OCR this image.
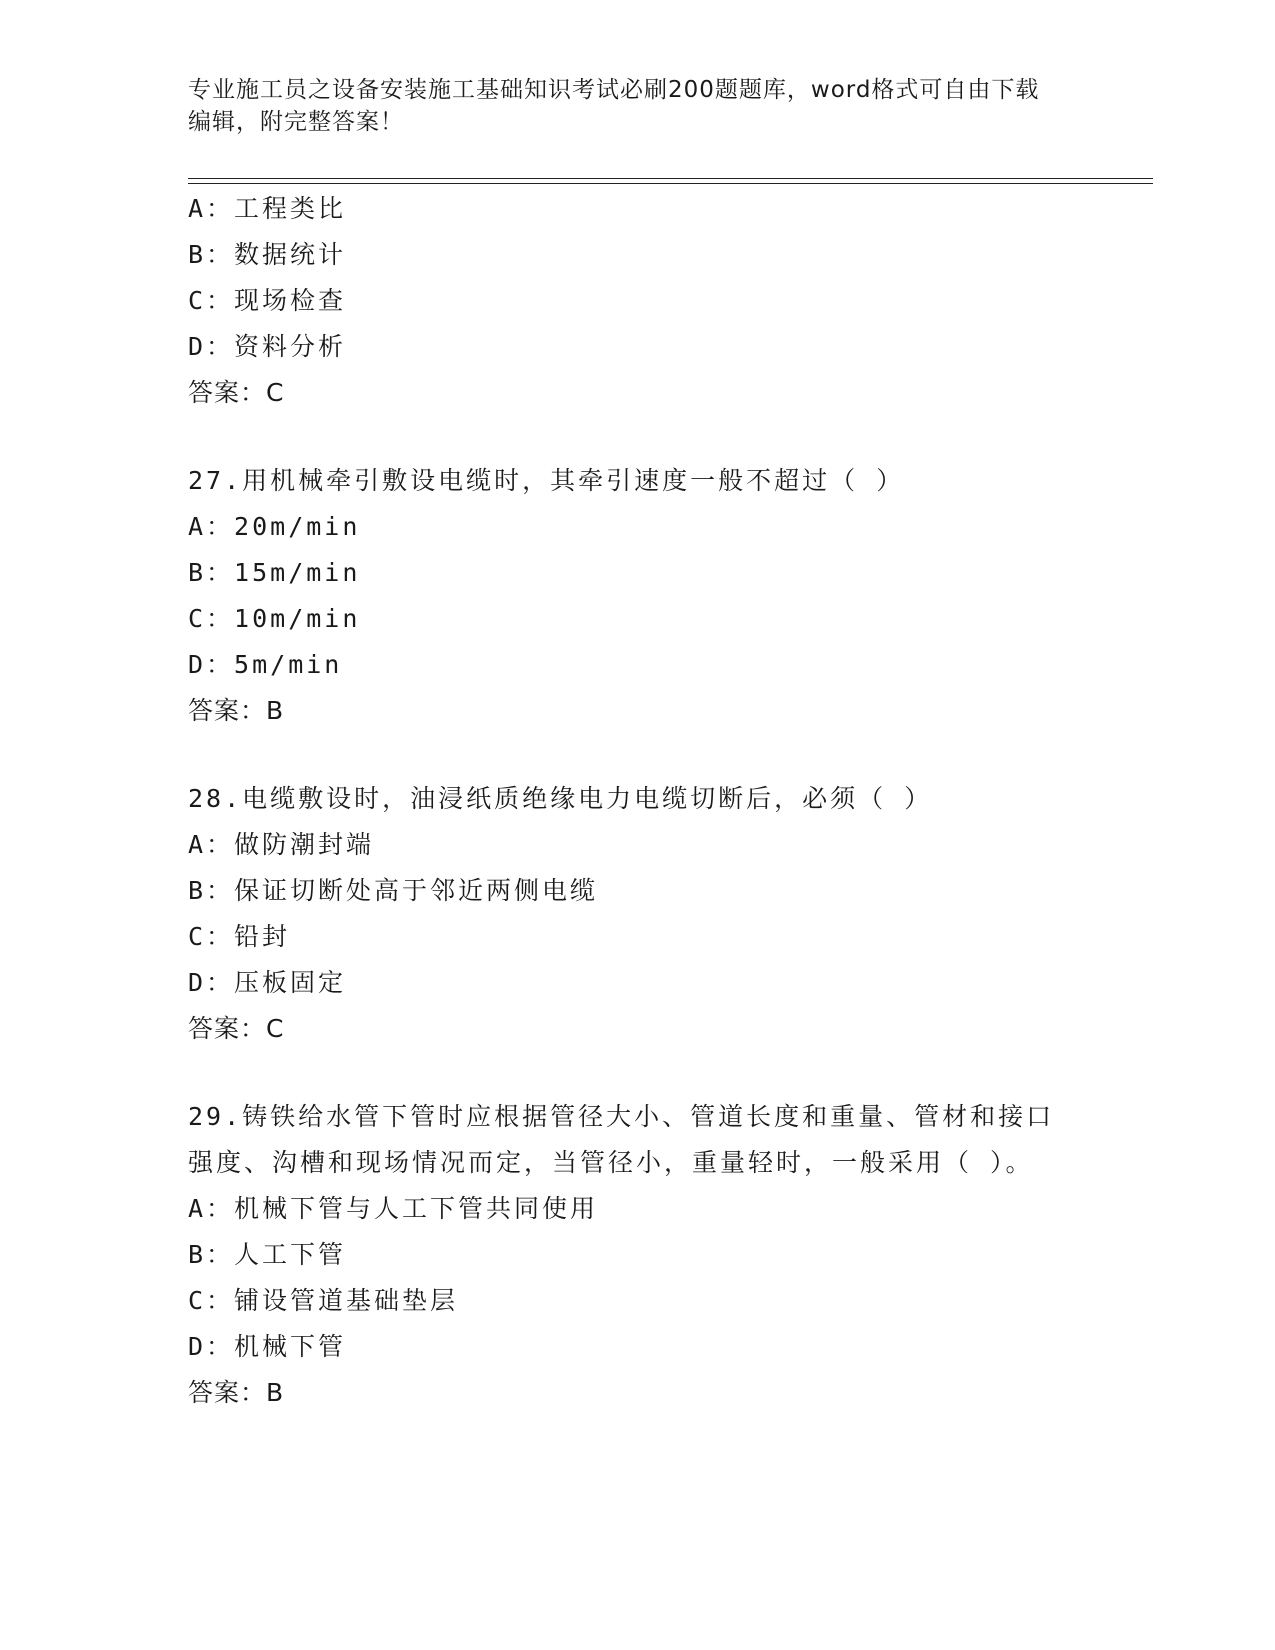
专业施工员之设备安装施工基础知识考试必刷200题题库，word格式可自由下载
编辑，附完整答案！
A：工程类比
B：数据统计
C：现场检查
D：资料分析
答案：C
27.用机械牵引敷设电缆时，其牵引速度一般不超过（ ）
A：20m/min
B：15m/min
C：10m/min
D：5m/min
答案：B
28.电缆敷设时，油浸纸质绝缘电力电缆切断后，必须（ ）
A：做防潮封端
B：保证切断处高于邻近两侧电缆
C：铅封
D：压板固定
答案：C
29.铸铁给水管下管时应根据管径大小、管道长度和重量、管材和接口
强度、沟槽和现场情况而定，当管径小，重量轻时，一般采用（ ）。
A：机械下管与人工下管共同使用
B：人工下管
C：铺设管道基础垫层
D：机械下管
答案：B
